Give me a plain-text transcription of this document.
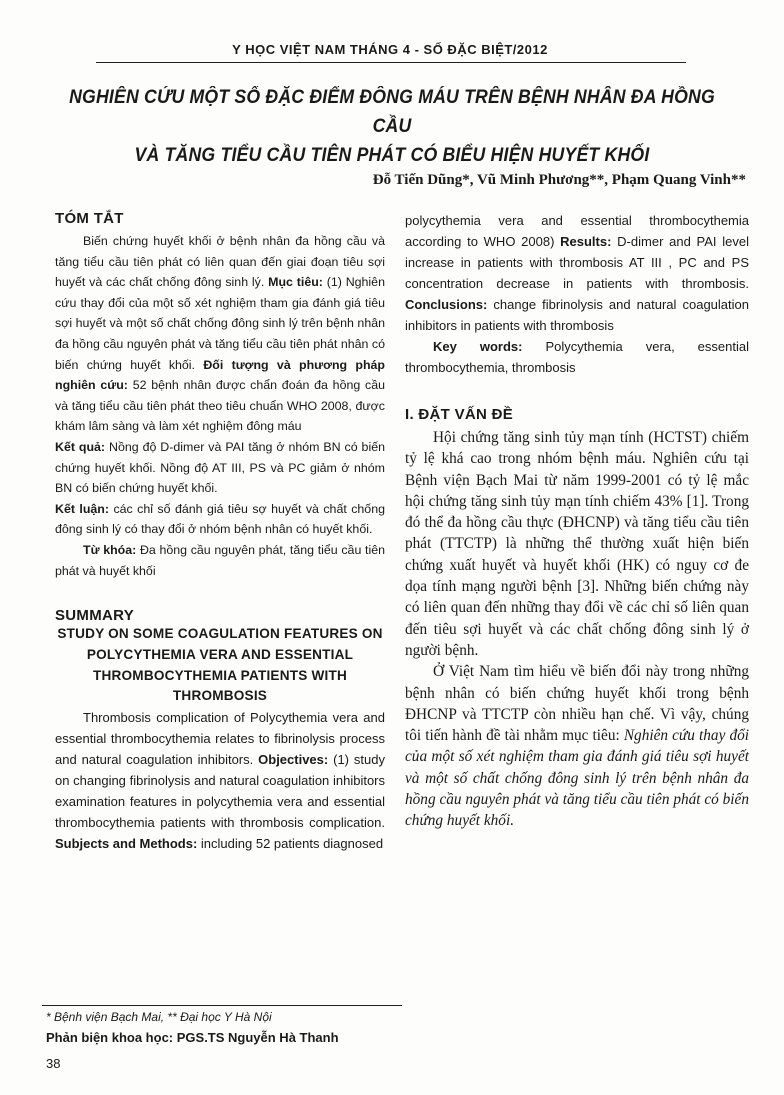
Y HỌC VIỆT NAM THÁNG 4 - SỐ ĐẶC BIỆT/2012
NGHIÊN CỨU MỘT SỐ ĐẶC ĐIỂM ĐÔNG MÁU TRÊN BỆNH NHÂN ĐA HỒNG CẦU
VÀ TĂNG TIỂU CẦU TIÊN PHÁT CÓ BIỂU HIỆN HUYẾT KHỐI
Đỗ Tiến Dũng*, Vũ Minh Phương**, Phạm Quang Vinh**
TÓM TẮT

Biến chứng huyết khối ở bệnh nhân đa hồng cầu và tăng tiểu cầu tiên phát có liên quan đến giai đoạn tiêu sợi huyết và các chất chống đông sinh lý. Mục tiêu: (1) Nghiên cứu thay đổi của một số xét nghiệm tham gia đánh giá tiêu sợi huyết và một số chất chống đông sinh lý trên bệnh nhân đa hồng cầu nguyên phát và tăng tiểu cầu tiên phát nhân có biến chứng huyết khối. Đối tượng và phương pháp nghiên cứu: 52 bệnh nhân được chẩn đoán đa hồng cầu và tăng tiểu cầu tiên phát theo tiêu chuẩn WHO 2008, được khám lâm sàng và làm xét nghiệm đông máu

Kết quả: Nồng độ D-dimer và PAI tăng ở nhóm BN có biến chứng huyết khối. Nồng độ AT III, PS và PC giảm ở nhóm BN có biến chứng huyết khối.

Kết luận: các chỉ số đánh giá tiêu sợ huyết và chất chống đông sinh lý có thay đổi ở nhóm bệnh nhân có huyết khối.

Từ khóa: Đa hồng cầu nguyên phát, tăng tiểu cầu tiên phát và huyết khối

SUMMARY
STUDY ON SOME COAGULATION FEATURES ON POLYCYTHEMIA VERA AND ESSENTIAL THROMBOCYTHEMIA PATIENTS WITH THROMBOSIS

Thrombosis complication of Polycythemia vera and essential thrombocythemia relates to fibrinolysis process and natural coagulation inhibitors. Objectives: (1) study on changing fibrinolysis and natural coagulation inhibitors examination features in polycythemia vera and essential thrombocythemia patients with thrombosis complication. Subjects and Methods: including 52 patients diagnosed

polycythemia vera and essential thrombocythemia according to WHO 2008) Results: D-dimer and PAI level increase in patients with thrombosis AT III , PC and PS concentration decrease in patients with thrombosis. Conclusions: change fibrinolysis and natural coagulation inhibitors in patients with thrombosis

Key words: Polycythemia vera, essential thrombocythemia, thrombosis

I. ĐẶT VẤN ĐỀ

Hội chứng tăng sinh tủy mạn tính (HCTST) chiếm tỷ lệ khá cao trong nhóm bệnh máu. Nghiên cứu tại Bệnh viện Bạch Mai từ năm 1999-2001 có tỷ lệ mắc hội chứng tăng sinh tủy mạn tính chiếm 43% [1]. Trong đó thể đa hồng cầu thực (ĐHCNP) và tăng tiểu cầu tiên phát (TTCTP) là những thể thường xuất hiện biến chứng xuất huyết và huyết khối (HK) có nguy cơ đe dọa tính mạng người bệnh [3]. Những biến chứng này có liên quan đến những thay đổi về các chỉ số liên quan đến tiêu sợi huyết và các chất chống đông sinh lý ở người bệnh.

Ở Việt Nam tìm hiểu về biến đổi này trong những bệnh nhân có biến chứng huyết khối trong bệnh ĐHCNP và TTCTP còn nhiều hạn chế. Vì vậy, chúng tôi tiến hành đề tài nhằm mục tiêu: Nghiên cứu thay đổi của một số xét nghiệm tham gia đánh giá tiêu sợi huyết và một số chất chống đông sinh lý trên bệnh nhân đa hồng cầu nguyên phát và tăng tiểu cầu tiên phát có biến chứng huyết khối.

* Bệnh viện Bạch Mai, ** Đại học Y Hà Nội
Phản biện khoa học: PGS.TS Nguyễn Hà Thanh
38
